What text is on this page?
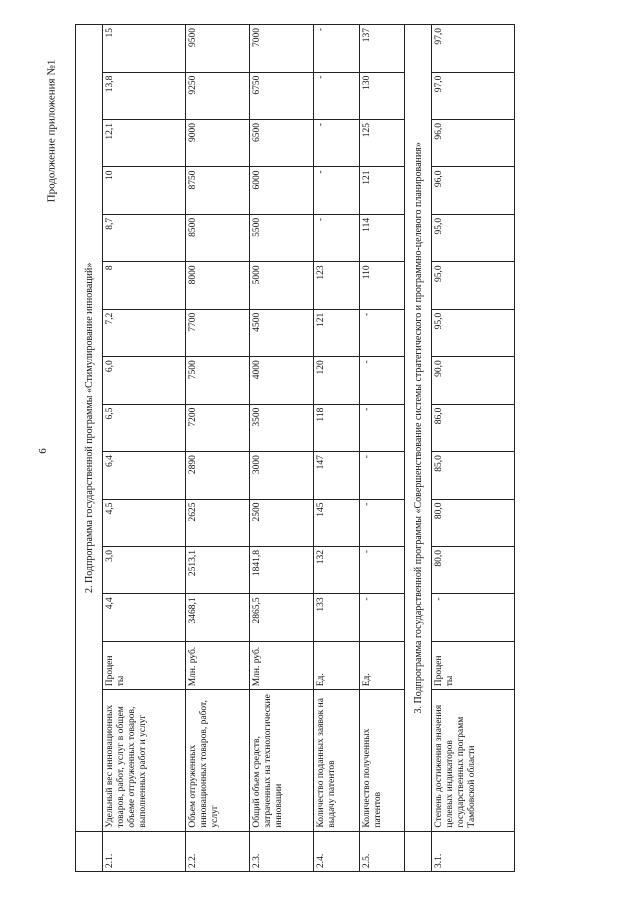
6
Продолжение приложения №1
	2. Подпрограмма государственной программы «Стимулирование инноваций»														
2.1.	Удельный вес инновационных товаров, работ, услуг в общем объеме отгруженных товаров, выполненных работ и услуг	Процен ты	4,4	3,0	4,5	6,4	6,5	6,0	7,2	8	8,7	10	12,1	13,8	15
2.2.	Объем отгруженных инновационных товаров, работ, услуг	Млн. руб.	3468,1	2513,1	2625	2890	7200	7500	7700	8000	8500	8750	9000	9250	9500
2.3.	Общий объем средств, затраченных на технологические инновации	Млн. руб.	2865,5	1841,8	2500	3000	3500	4000	4500	5000	5500	6000	6500	6750	7000
2.4.	Количество поданных заявок на выдачу патентов	Ед.	133	132	145	147	118	120	121	123	-	-	-	-	-
2.5.	Количество полученных патентов	Ед.	-	-	-	-	-	-	-	110	114	121	125	130	137
	3. Подпрограмма государственной программы «Совершенствование системы стратегического и программно-целевого планирования»														
3.1.	Степень достижения значения целевых индикаторов государственных программ Тамбовской области	Процен ты	-	80,0	80,0	85,0	86,0	90,0	95,0	95,0	95,0	96,0	96,0	97,0	97,0
